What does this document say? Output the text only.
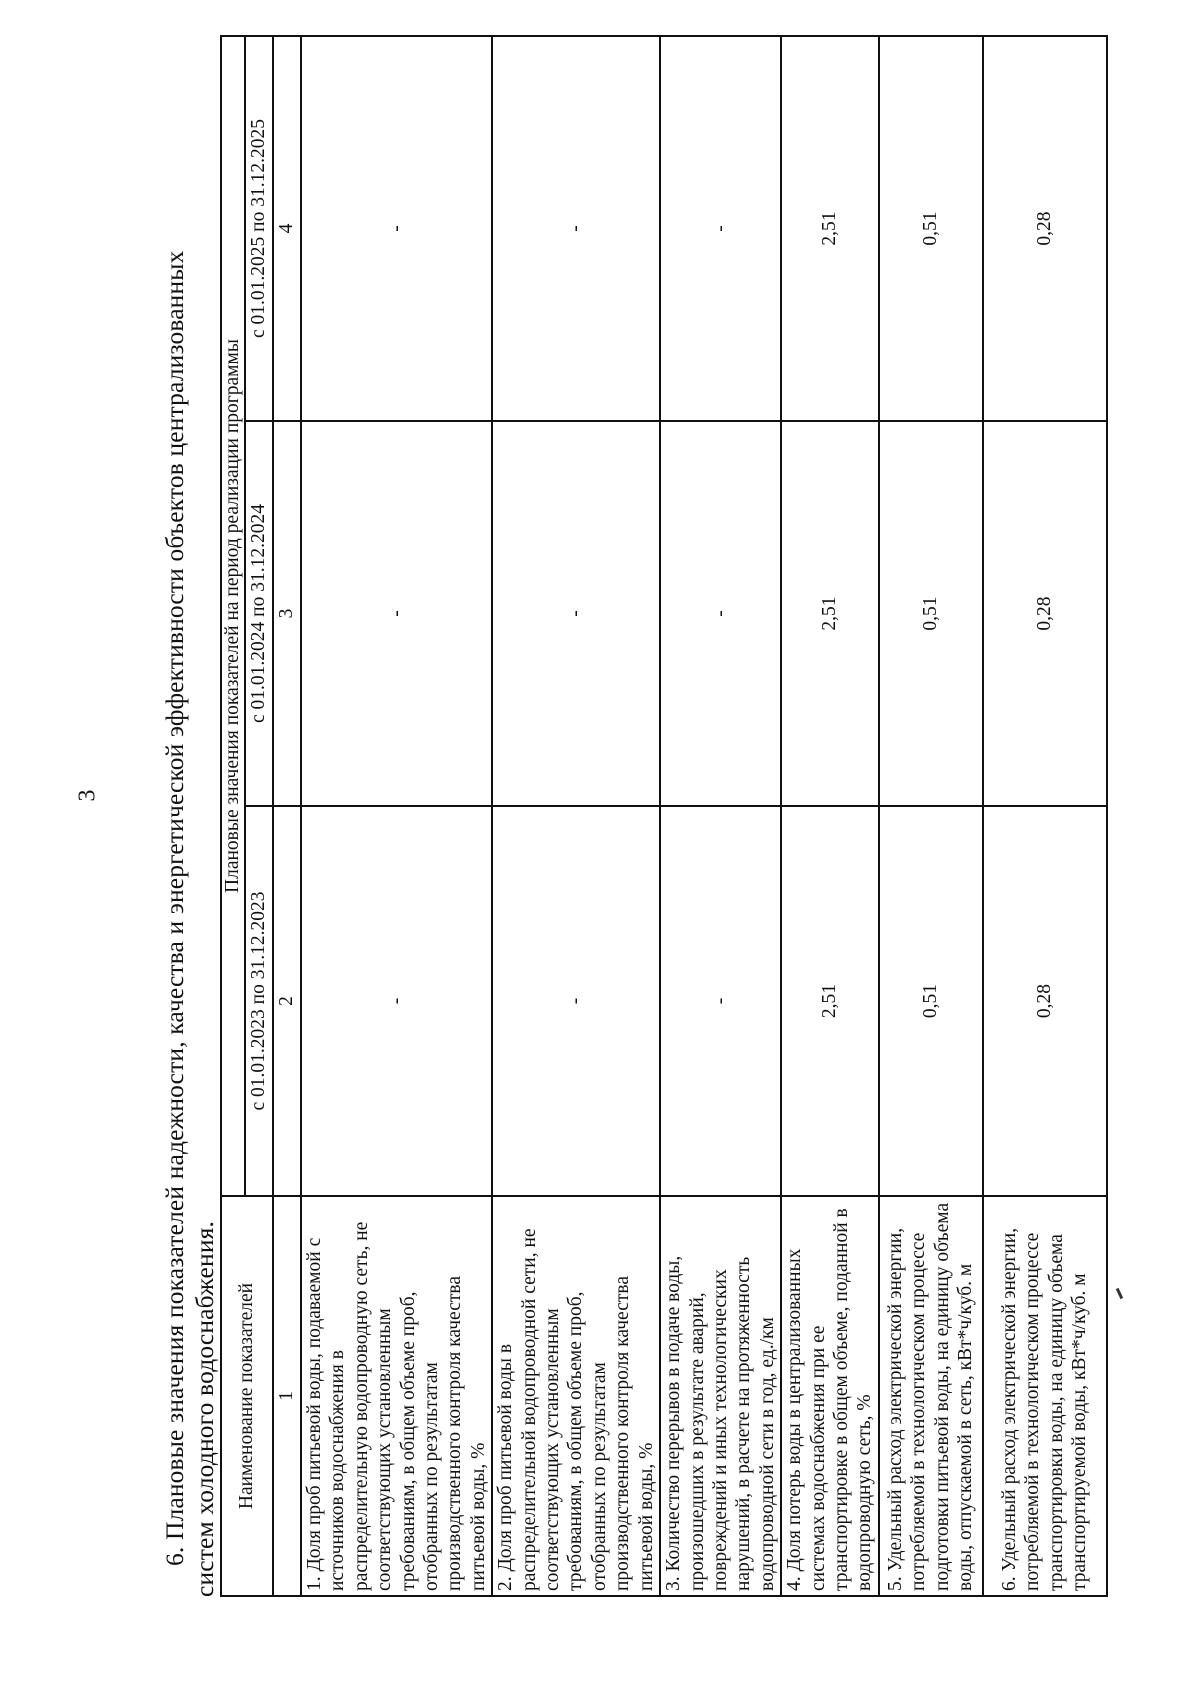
3 6. Плановые значения показателей надежности, качества и энергетической эффективности объектов централизованных систем холодного водоснабжения. Наименование показателей	Плановые значения показателей на период реализации программы		
	с 01.01.2023 по 31.12.2023	с 01.01.2024 по 31.12.2024	с 01.01.2025 по 31.12.2025
1	2	3	4
1. Доля проб питьевой воды, подаваемой с источников водоснабжения в распределительную водопроводную сеть, не соответствующих установленным требованиям, в общем объеме проб, отобранных по результатам производственного контроля качества питьевой воды, %	-	-	-
2. Доля проб питьевой воды в распределительной водопроводной сети, не соответствующих установленным требованиям, в общем объеме проб, отобранных по результатам производственного контроля качества питьевой воды, %	-	-	-
3. Количество перерывов в подаче воды, произошедших в результате аварий, повреждений и иных технологических нарушений, в расчете на протяженность водопроводной сети в год, ед./км	-	-	-
4. Доля потерь воды в централизованных системах водоснабжения при ее транспортировке в общем объеме, поданной в водопроводную сеть, %	2,51	2,51	2,51
5. Удельный расход электрической энергии, потребляемой в технологическом процессе подготовки питьевой воды, на единицу объема воды, отпускаемой в сеть, кВт*ч/куб. м	0,51	0,51	0,51
6. Удельный расход электрической энергии, потребляемой в технологическом процессе транспортировки воды, на единицу объема транспортируемой воды, кВт*ч/куб. м	0,28	0,28	0,28
